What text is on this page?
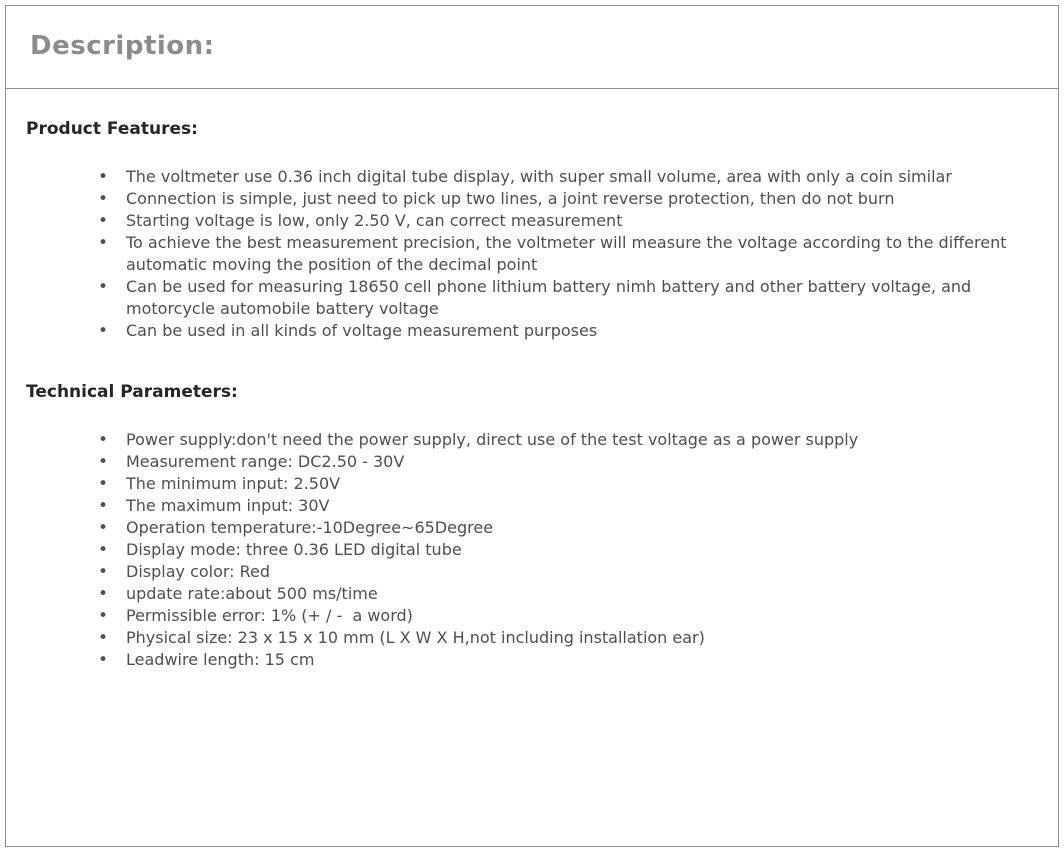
Description:
Product Features:
• The voltmeter use 0.36 inch digital tube display, with super small volume, area with only a coin similar
• Connection is simple, just need to pick up two lines, a joint reverse protection, then do not burn
• Starting voltage is low, only 2.50 V, can correct measurement
• To achieve the best measurement precision, the voltmeter will measure the voltage according to the different automatic moving the position of the decimal point
• Can be used for measuring 18650 cell phone lithium battery nimh battery and other battery voltage, and motorcycle automobile battery voltage
• Can be used in all kinds of voltage measurement purposes
Technical Parameters:
• Power supply:don't need the power supply, direct use of the test voltage as a power supply
• Measurement range: DC2.50 - 30V
• The minimum input: 2.50V
• The maximum input: 30V
• Operation temperature:-10Degree~65Degree
• Display mode: three 0.36 LED digital tube
• Display color: Red
• update rate:about 500 ms/time
• Permissible error: 1% (+ / -  a word)
• Physical size: 23 x 15 x 10 mm (L X W X H,not including installation ear)
• Leadwire length: 15 cm
